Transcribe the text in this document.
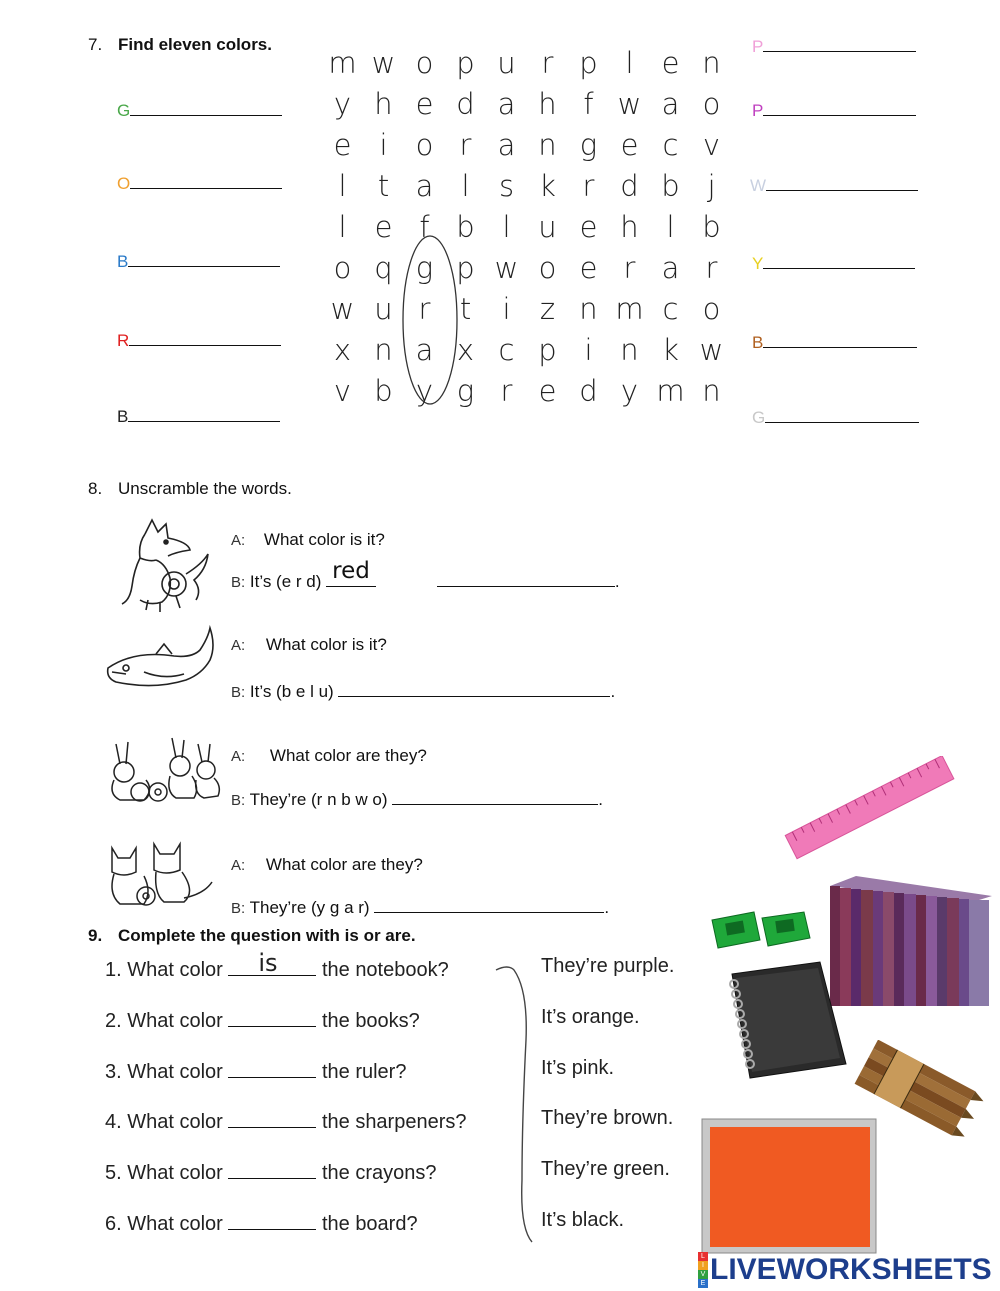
7. Find eleven colors.
G
O
B
R
B
P
P
W
Y
B
G
m w o p u r p l e n
y h e d a h f w a o
e i o r a n g e c v
l	t a l	s k r d b j
l e f b l u e h l b
o q g p w o e r a r
w u r	t	i	z n m c o
x n a x c p i n k w
v b y g r e d y m n
8. Unscramble the words.
A: What color is it?
B: It’s (e r d) red	.
A: What color is it?
B: It’s (b e l u)	.
A: What color are they?
B: They’re (r n b w o)	.
A: What color are they?
B: They’re (y g a r)	.
9. Complete the question with is or are.
1. What color is the notebook?
2. What color	the books?
3. What color	the ruler?
4. What color	the sharpeners?
5. What color	the crayons?
6. What color	the board?
They’re purple.
It’s orange.
It’s pink.
They’re brown.
They’re green.
It’s black.
L
I
V
E LIVEWORKSHEETS
